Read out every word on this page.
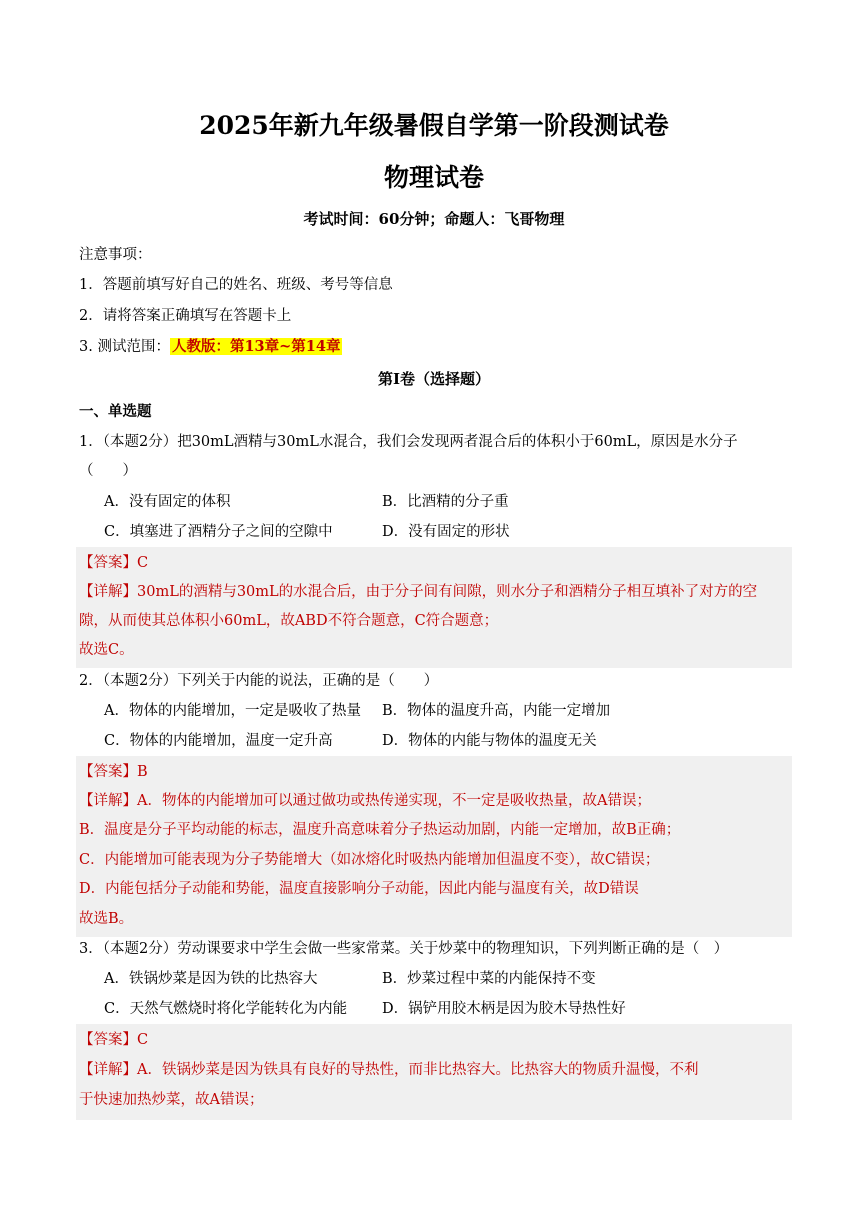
2025年新九年级暑假自学第一阶段测试卷
物理试卷
考试时间：60分钟；命题人：飞哥物理
注意事项：
1．答题前填写好自己的姓名、班级、考号等信息
2．请将答案正确填写在答题卡上
3. 测试范围： 人教版：第13章~第14章
第Ⅰ卷（选择题）
一、单选题
1．（本题2分）把30mL酒精与30mL水混合，我们会发现两者混合后的体积小于60mL，原因是水分子
（　　）
A．没有固定的体积	B．比酒精的分子重
C．填塞进了酒精分子之间的空隙中	D．没有固定的形状
【答案】C
【详解】30mL的酒精与30mL的水混合后，由于分子间有间隙，则水分子和酒精分子相互填补了对方的空
隙，从而使其总体积小60mL，故ABD不符合题意，C符合题意；
故选C。
2．（本题2分）下列关于内能的说法，正确的是（　　）
A．物体的内能增加，一定是吸收了热量 B．物体的温度升高，内能一定增加
C．物体的内能增加，温度一定升高	D．物体的内能与物体的温度无关
【答案】B
【详解】A．物体的内能增加可以通过做功或热传递实现，不一定是吸收热量，故A错误；
B．温度是分子平均动能的标志，温度升高意味着分子热运动加剧，内能一定增加，故B正确；
C．内能增加可能表现为分子势能增大（如冰熔化时吸热内能增加但温度不变），故C错误；
D．内能包括分子动能和势能，温度直接影响分子动能，因此内能与温度有关，故D错误
故选B。
3．（本题2分）劳动课要求中学生会做一些家常菜。关于炒菜中的物理知识，下列判断正确的是（　）
A．铁锅炒菜是因为铁的比热容大	B．炒菜过程中菜的内能保持不变
C．天然气燃烧时将化学能转化为内能 D．锅铲用胶木柄是因为胶木导热性好
【答案】C
【详解】A．铁锅炒菜是因为铁具有良好的导热性，而非比热容大。比热容大的物质升温慢，不利
于快速加热炒菜，故A错误；
